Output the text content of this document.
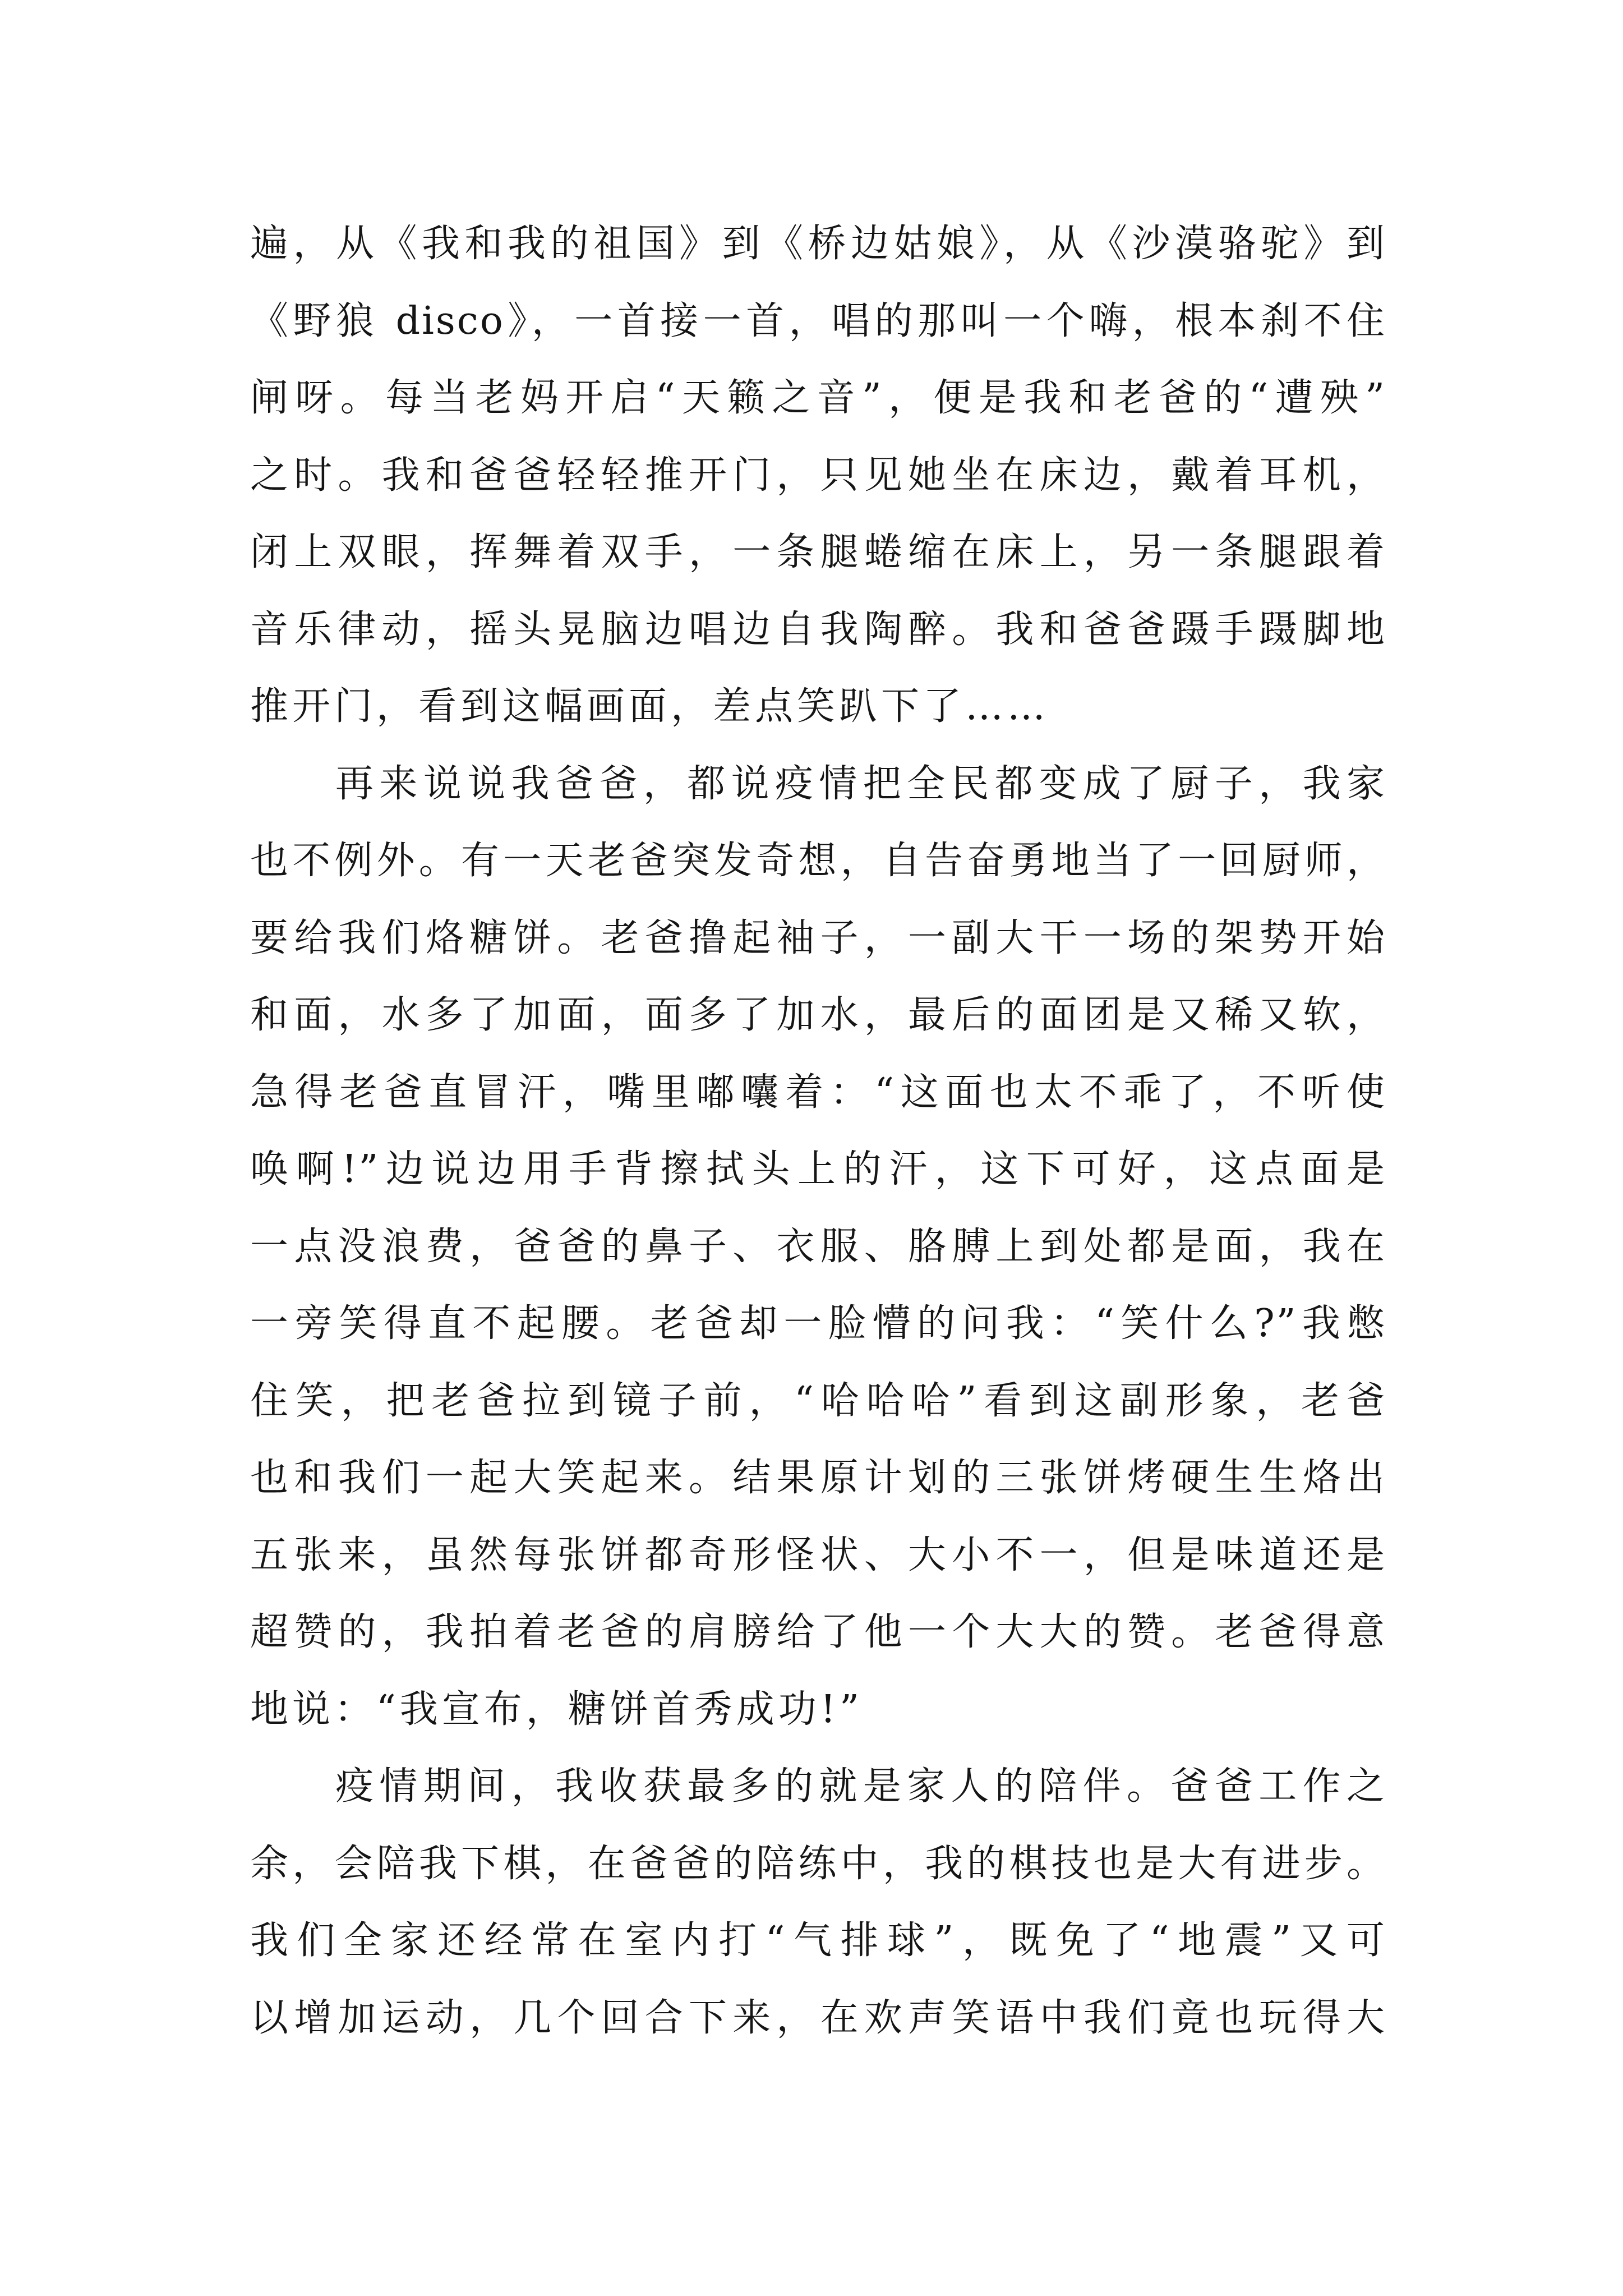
遍，从《我和我的祖国》到《桥边姑娘》，从《沙漠骆驼》到
《野狼 disco》，一首接一首，唱的那叫一个嗨，根本刹不住
闸呀。每当老妈开启“天籁之音”，便是我和老爸的“遭殃”
之时。我和爸爸轻轻推开门，只见她坐在床边，戴着耳机，
闭上双眼，挥舞着双手，一条腿蜷缩在床上，另一条腿跟着
音乐律动，摇头晃脑边唱边自我陶醉。我和爸爸蹑手蹑脚地
推开门，看到这幅画面，差点笑趴下了……
再来说说我爸爸，都说疫情把全民都变成了厨子，我家
也不例外。有一天老爸突发奇想，自告奋勇地当了一回厨师，
要给我们烙糖饼。老爸撸起袖子，一副大干一场的架势开始
和面，水多了加面，面多了加水，最后的面团是又稀又软，
急得老爸直冒汗，嘴里嘟囔着：“这面也太不乖了，不听使
唤啊!”边说边用手背擦拭头上的汗，这下可好，这点面是
一点没浪费，爸爸的鼻子、衣服、胳膊上到处都是面，我在
一旁笑得直不起腰。老爸却一脸懵的问我：“笑什么?”我憋
住笑，把老爸拉到镜子前，“哈哈哈”看到这副形象，老爸
也和我们一起大笑起来。结果原计划的三张饼烤硬生生烙出
五张来，虽然每张饼都奇形怪状、大小不一，但是味道还是
超赞的，我拍着老爸的肩膀给了他一个大大的赞。老爸得意
地说：“我宣布，糖饼首秀成功!”
疫情期间，我收获最多的就是家人的陪伴。爸爸工作之
余，会陪我下棋，在爸爸的陪练中，我的棋技也是大有进步。
我们全家还经常在室内打“气排球”，既免了“地震”又可
以增加运动，几个回合下来，在欢声笑语中我们竟也玩得大
